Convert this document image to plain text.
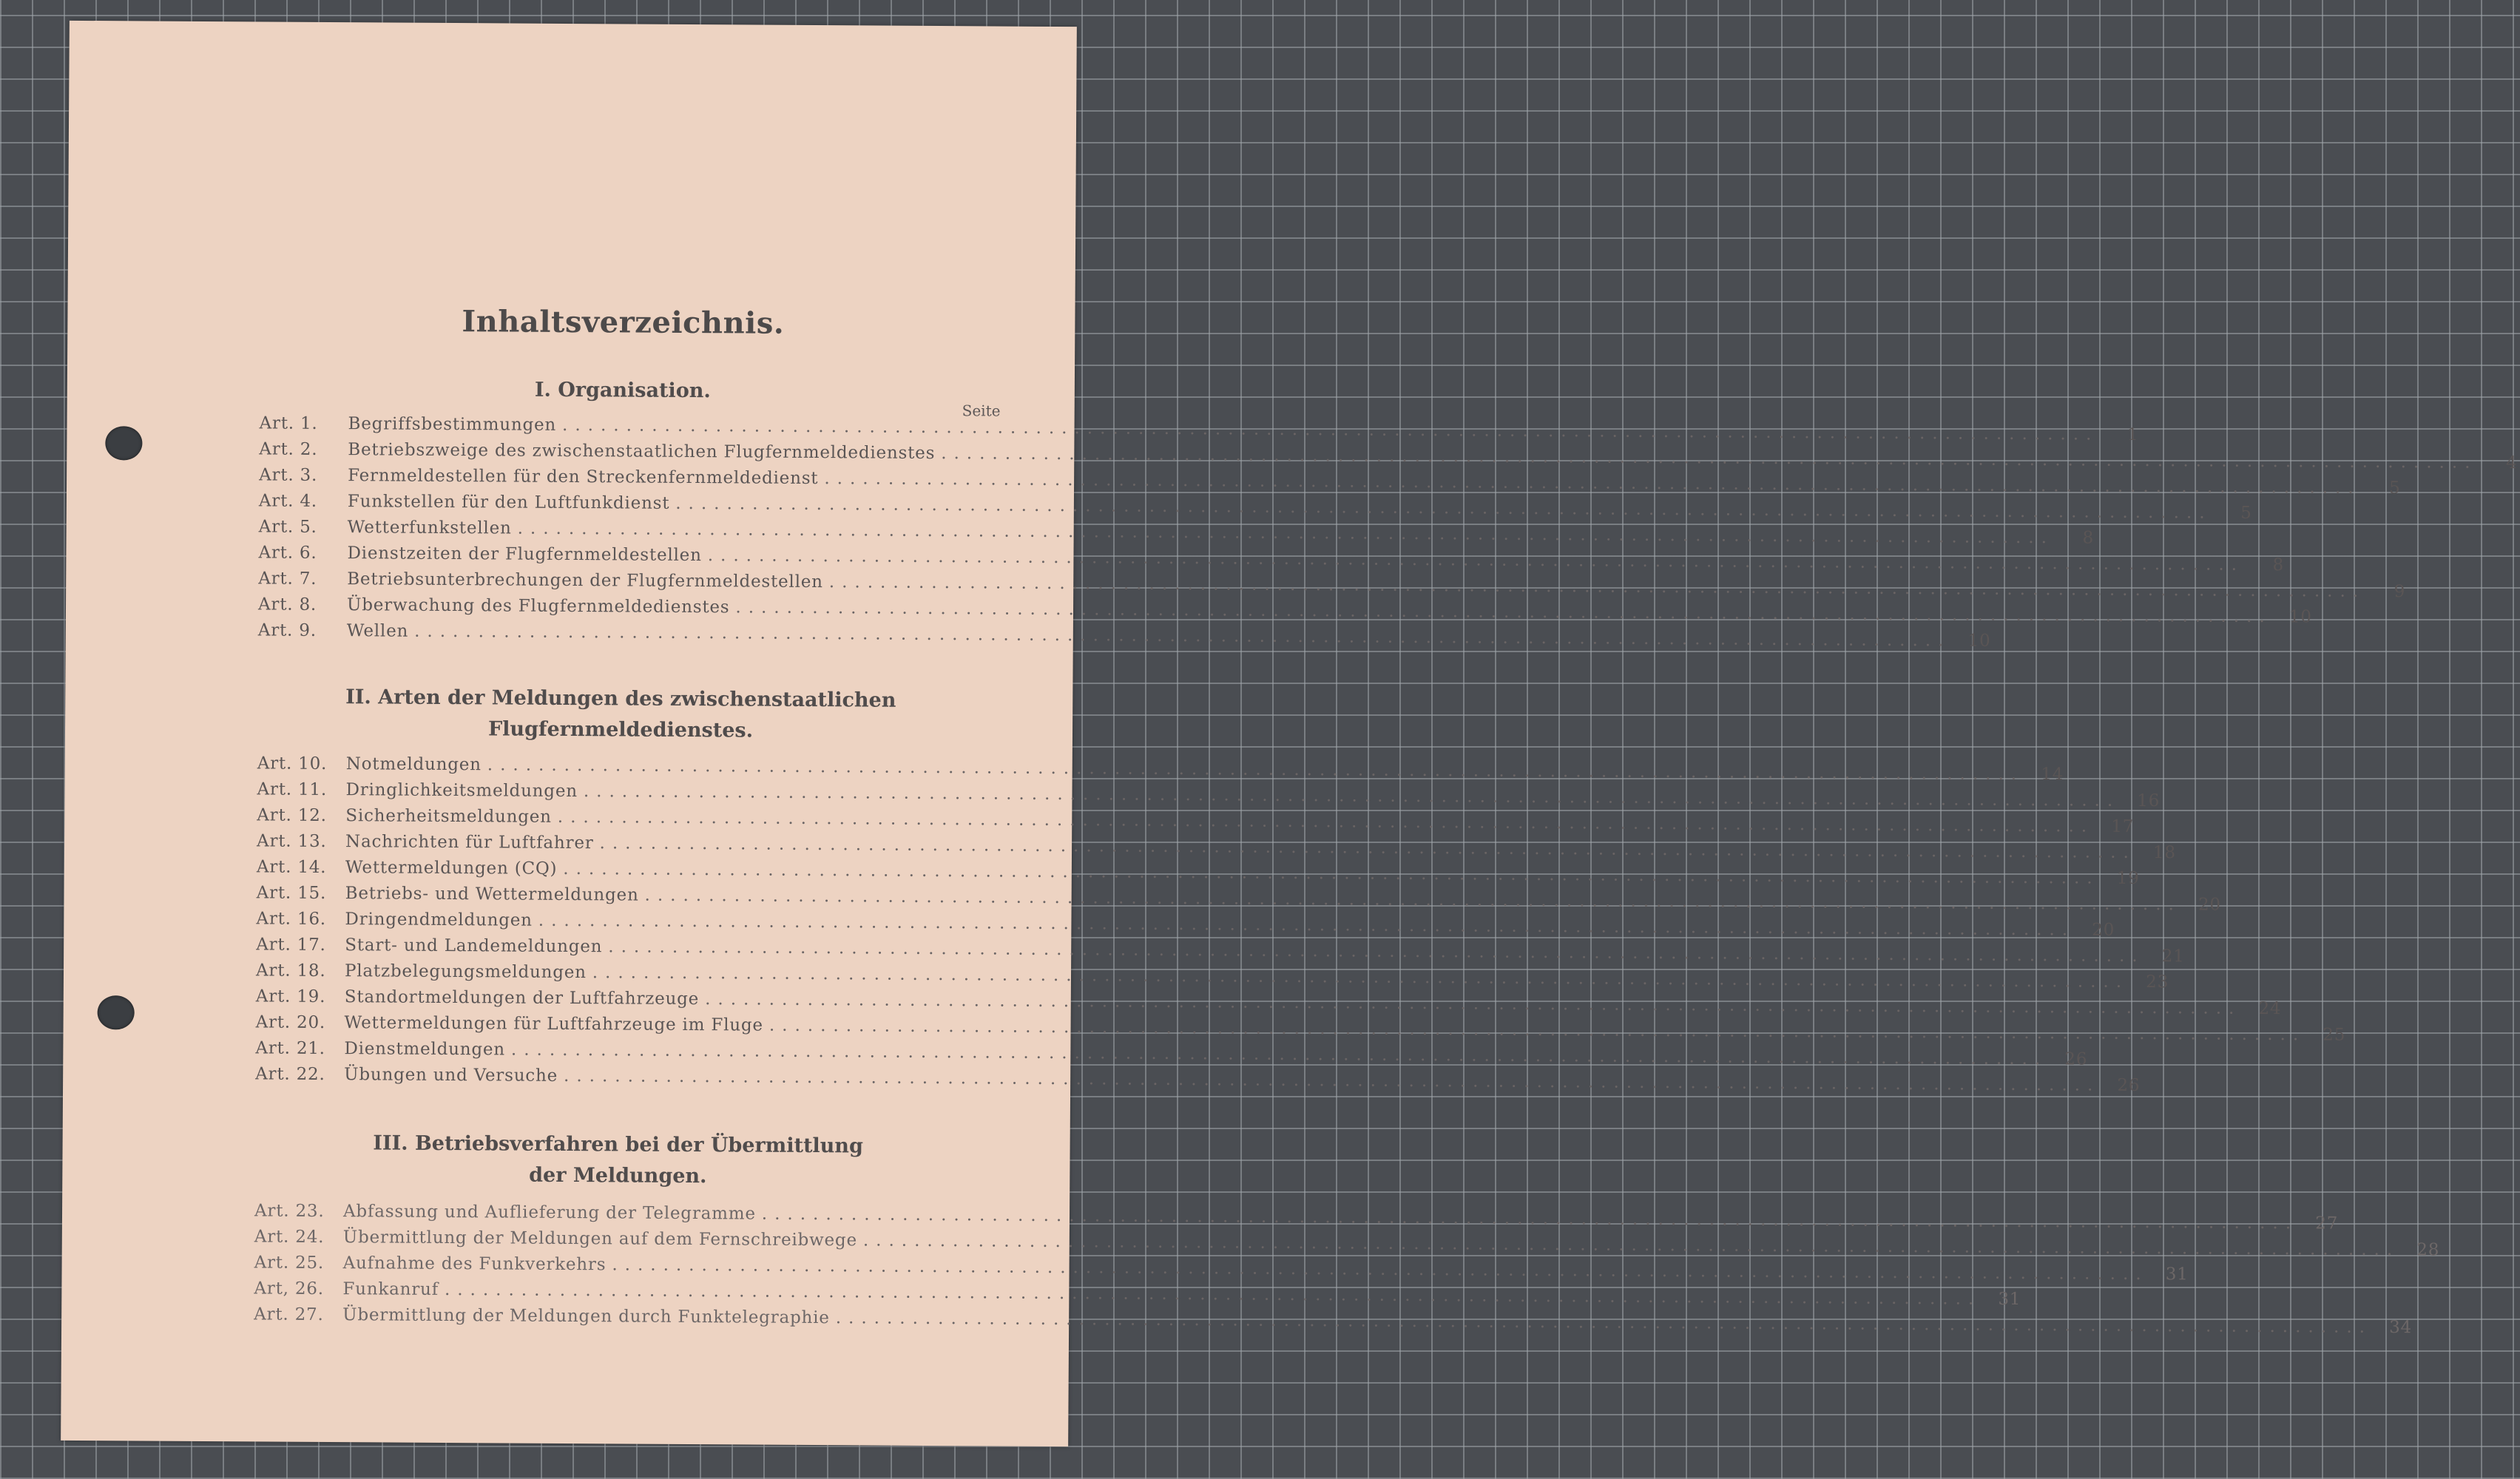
Inhaltsverzeichnis.
I. Organisation.
Seite
Art. 1.	Begriffsbestimmungen ........................................................................................................................	1
Art. 2.	Betriebszweige des zwischenstaatlichen Flugfernmeldedienstes ........................................................................................................................	4
Art. 3.	Fernmeldestellen für den Streckenfernmeldedienst ........................................................................................................................	5
Art. 4.	Funkstellen für den Luftfunkdienst ........................................................................................................................	5
Art. 5.	Wetterfunkstellen ........................................................................................................................	8
Art. 6.	Dienstzeiten der Flugfernmeldestellen ........................................................................................................................	8
Art. 7.	Betriebsunterbrechungen der Flugfernmeldestellen ........................................................................................................................	9
Art. 8.	Überwachung des Flugfernmeldedienstes ........................................................................................................................ 10
Art. 9.	Wellen ........................................................................................................................ 10
II. Arten der Meldungen des zwischenstaatlichen
Flugfernmeldedienstes.
Art. 10.	Notmeldungen ........................................................................................................................ 14
Art. 11.	Dringlichkeitsmeldungen ........................................................................................................................ 16
Art. 12.	Sicherheitsmeldungen ........................................................................................................................ 17
Art. 13.	Nachrichten für Luftfahrer ........................................................................................................................ 18
Art. 14.	Wettermeldungen (CQ) ........................................................................................................................ 19
Art. 15.	Betriebs- und Wettermeldungen ........................................................................................................................ 20
Art. 16.	Dringendmeldungen ........................................................................................................................ 20
Art. 17.	Start- und Landemeldungen ........................................................................................................................ 21
Art. 18.	Platzbelegungsmeldungen ........................................................................................................................ 23
Art. 19.	Standortmeldungen der Luftfahrzeuge ........................................................................................................................ 24
Art. 20.	Wettermeldungen für Luftfahrzeuge im Fluge ........................................................................................................................ 25
Art. 21.	Dienstmeldungen ........................................................................................................................ 26
Art. 22.	Übungen und Versuche ........................................................................................................................ 26
III. Betriebsverfahren bei der Übermittlung
der Meldungen.
Art. 23.	Abfassung und Auflieferung der Telegramme ........................................................................................................................ 27
Art. 24.	Übermittlung der Meldungen auf dem Fernschreibwege ........................................................................................................................ 28
Art. 25.	Aufnahme des Funkverkehrs ........................................................................................................................ 31
Art, 26.	Funkanruf ........................................................................................................................ 31
Art. 27.	Übermittlung der Meldungen durch Funktelegraphie ........................................................................................................................ 34
